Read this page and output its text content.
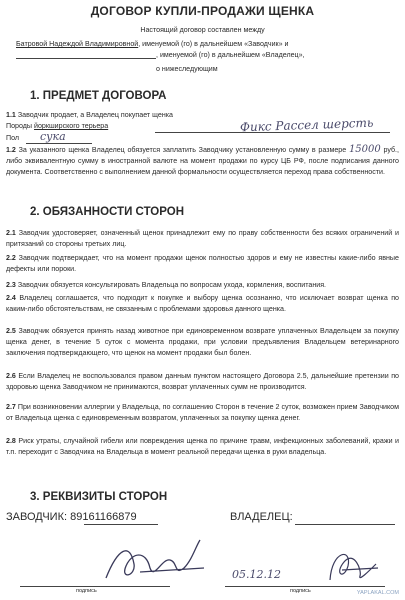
ДОГОВОР КУПЛИ-ПРОДАЖИ ЩЕНКА
Настоящий договор составлен между
Батровой Надеждой Владимировной, именуемой (го) в дальнейшем «Заводчик» и
, именуемой (го) в дальнейшем «Владелец»,
о нижеследующим
1. ПРЕДМЕТ ДОГОВОРА
1.1 Заводчик продает, а Владелец покупает щенка
Породы йоркширского терьера	Фикс Рассел шерсть
Пол сука
1.2 За указанного щенка Владелец обязуется заплатить Заводчику установленную сумму в размере 15000 руб., либо эквивалентную сумму в иностранной валюте на момент продажи по курсу ЦБ РФ, после подписания данного документа. Соответственно с выполнением данной формальности осуществляется переход права собственности.
2. ОБЯЗАННОСТИ СТОРОН
2.1 Заводчик удостоверяет, означенный щенок принадлежит ему по праву собственности без всяких ограничений и притязаний со стороны третьих лиц.
2.2 Заводчик подтверждает, что на момент продажи щенок полностью здоров и ему не известны какие-либо явные дефекты или пороки.
2.3 Заводчик обязуется консультировать Владельца по вопросам ухода, кормления, воспитания.
2.4 Владелец соглашается, что подходит к покупке и выбору щенка осознанно, что исключает возврат щенка по каким-либо обстоятельствам, не связанным с проблемами здоровья данного щенка.
2.5 Заводчик обязуется принять назад животное при единовременном возврате уплаченных Владельцем за покупку щенка денег, в течение 5 суток с момента продажи, при условии предъявления Владельцем ветеринарного заключения подтверждающего, что щенок на момент продажи был болен.
2.6 Если Владелец не воспользовался правом данным пунктом настоящего Договора 2.5, дальнейшие претензии по здоровью щенка Заводчиком не принимаются, возврат уплаченных сумм не производится.
2.7 При возникновении аллергии у Владельца, по соглашению Сторон в течение 2 суток, возможен прием Заводчиком от Владельца щенка с единовременным возвратом, уплаченных за покупку щенка денег.
2.8 Риск утраты, случайной гибели или повреждения щенка по причине травм, инфекционных заболеваний, кражи и т.п. переходит с Заводчика на Владельца в момент реальной передачи щенка в руки владельца.
3. РЕКВИЗИТЫ СТОРОН
ЗАВОДЧИК: 89161166879	ВЛАДЕЛЕЦ:
подпись
05.12.12
подпись	YAPLAKAL.COM
